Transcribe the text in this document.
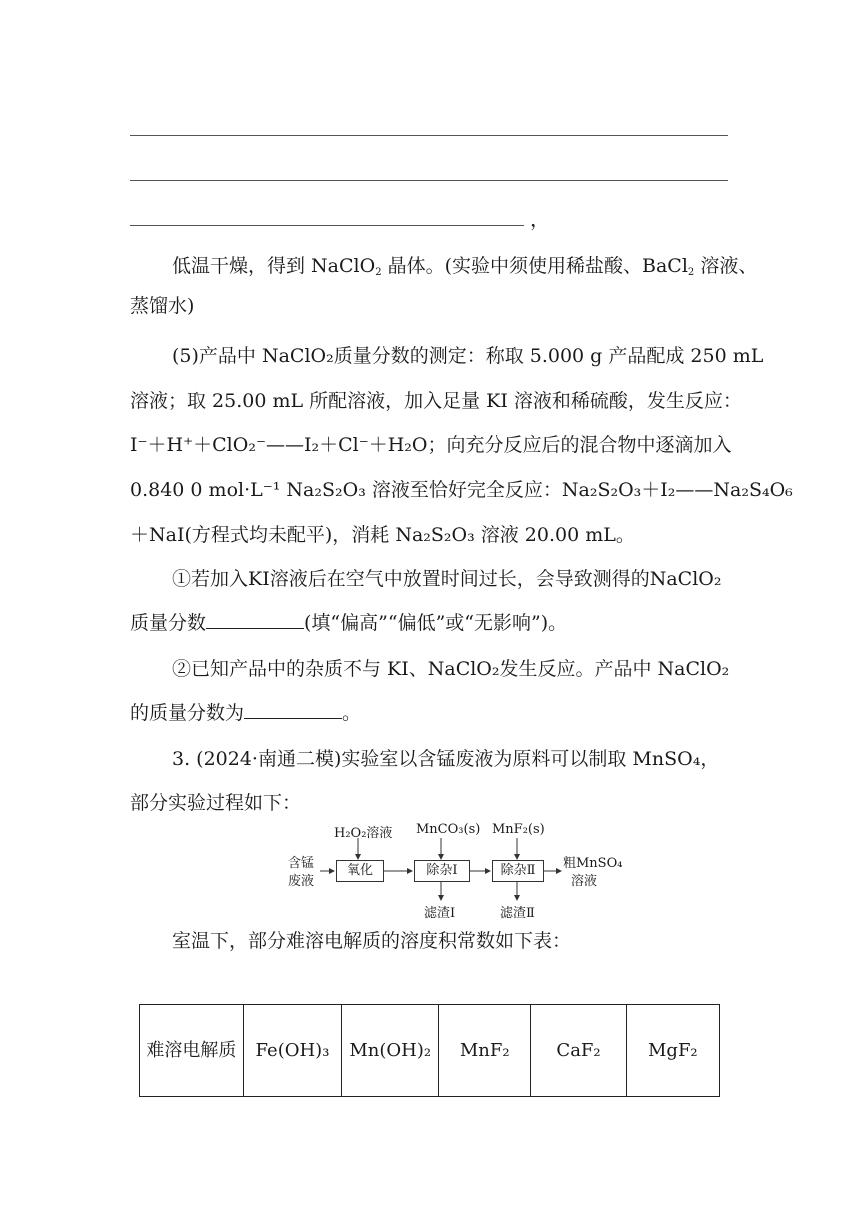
，
低温干燥，得到 NaClO$_2$ 晶体。(实验中须使用稀盐酸、BaCl$_2$ 溶液、
蒸馏水)
(5)产品中 NaClO₂质量分数的测定：称取 5.000 g 产品配成 250 mL
溶液；取 25.00 mL 所配溶液，加入足量 KI 溶液和稀硫酸，发生反应：
I⁻＋H⁺＋ClO₂⁻——I₂＋Cl⁻＋H₂O；向充分反应后的混合物中逐滴加入
0.840 0 mol·L⁻¹ Na₂S₂O₃ 溶液至恰好完全反应：Na₂S₂O₃＋I₂——Na₂S₄O₆
＋NaI(方程式均未配平)，消耗 Na₂S₂O₃ 溶液 20.00 mL。
①若加入KI溶液后在空气中放置时间过长，会导致测得的NaClO₂
质量分数	(填“偏高”“偏低”或“无影响”)。
②已知产品中的杂质不与 KI、NaClO₂发生反应。产品中 NaClO₂
的质量分数为	。
3. (2024·南通二模)实验室以含锰废液为原料可以制取 MnSO₄，
部分实验过程如下：
含锰
废液
H₂O₂溶液 MnCO₃(s) MnF₂(s)
氧化	除杂Ⅰ	除杂Ⅱ	粗MnSO₄
溶液
滤渣Ⅰ	滤渣Ⅱ
室温下，部分难溶电解质的溶度积常数如下表：
难溶电解质	Fe(OH)₃	Mn(OH)₂	MnF₂	CaF₂	MgF₂
